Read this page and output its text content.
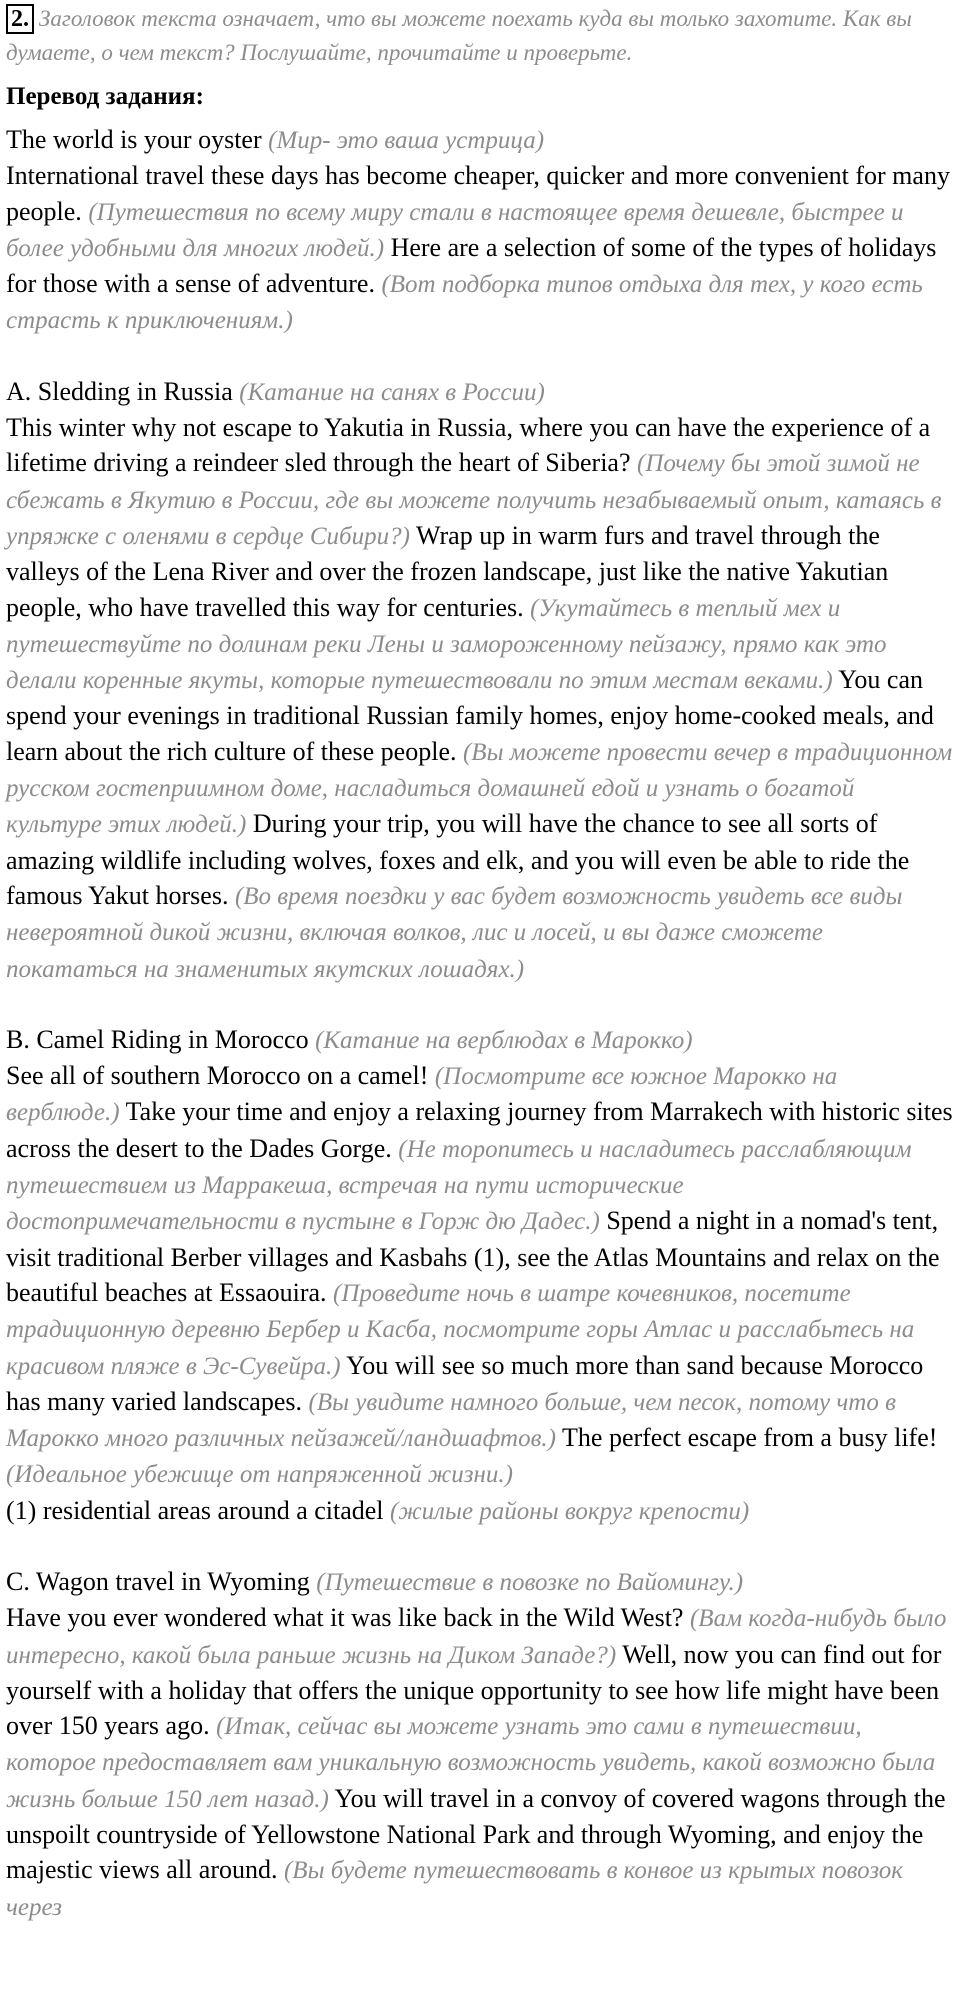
2. Заголовок текста означает, что вы можете поехать куда вы только захотите. Как вы думаете, о чем текст? Послушайте, прочитайте и проверьте.

Перевод задания:

The world is your oyster (Мир- это ваша устрица)
International travel these days has become cheaper, quicker and more convenient for many people. (Путешествия по всему миру стали в настоящее время дешевле, быстрее и более удобными для многих людей.) Here are a selection of some of the types of holidays for those with a sense of adventure. (Вот подборка типов отдыха для тех, у кого есть страсть к приключениям.)

A. Sledding in Russia (Катание на санях в России)
This winter why not escape to Yakutia in Russia, where you can have the experience of a lifetime driving a reindeer sled through the heart of Siberia? (Почему бы этой зимой не сбежать в Якутию в России, где вы можете получить незабываемый опыт, катаясь в упряжке с оленями в сердце Сибири?) Wrap up in warm furs and travel through the valleys of the Lena River and over the frozen landscape, just like the native Yakutian people, who have travelled this way for centuries. (Укутайтесь в теплый мех и путешествуйте по долинам реки Лены и замороженному пейзажу, прямо как это делали коренные якуты, которые путешествовали по этим местам веками.) You can spend your evenings in traditional Russian family homes, enjoy home-cooked meals, and learn about the rich culture of these people. (Вы можете провести вечер в традиционном русском гостеприимном доме, насладиться домашней едой и узнать о богатой культуре этих людей.) During your trip, you will have the chance to see all sorts of amazing wildlife including wolves, foxes and elk, and you will even be able to ride the famous Yakut horses. (Во время поездки у вас будет возможность увидеть все виды невероятной дикой жизни, включая волков, лис и лосей, и вы даже сможете покататься на знаменитых якутских лошадях.)

B. Camel Riding in Morocco (Катание на верблюдах в Марокко)
See all of southern Morocco on a camel! (Посмотрите все южное Марокко на верблюде.) Take your time and enjoy a relaxing journey from Marrakech with historic sites across the desert to the Dades Gorge. (Не торопитесь и насладитесь расслабляющим путешествием из Марракеша, встречая на пути исторические достопримечательности в пустыне в Горж дю Дадес.) Spend a night in a nomad's tent, visit traditional Berber villages and Kasbahs (1), see the Atlas Mountains and relax on the beautiful beaches at Essaouira. (Проведите ночь в шатре кочевников, посетите традиционную деревню Бербер и Касба, посмотрите горы Атлас и расслабьтесь на красивом пляже в Эс-Сувейра.) You will see so much more than sand because Morocco has many varied landscapes. (Вы увидите намного больше, чем песок, потому что в Марокко много различных пейзажей/ландшафтов.) The perfect escape from a busy life! (Идеальное убежище от напряженной жизни.)
(1) residential areas around a citadel (жилые районы вокруг крепости)

C. Wagon travel in Wyoming (Путешествие в повозке по Вайомингу.)
Have you ever wondered what it was like back in the Wild West? (Вам когда-нибудь было интересно, какой была раньше жизнь на Диком Западе?) Well, now you can find out for yourself with a holiday that offers the unique opportunity to see how life might have been over 150 years ago. (Итак, сейчас вы можете узнать это сами в путешествии, которое предоставляет вам уникальную возможность увидеть, какой возможно была жизнь больше 150 лет назад.) You will travel in a convoy of covered wagons through the unspoilt countryside of Yellowstone National Park and through Wyoming, and enjoy the majestic views all around. (Вы будете путешествовать в конвое из крытых повозок через
